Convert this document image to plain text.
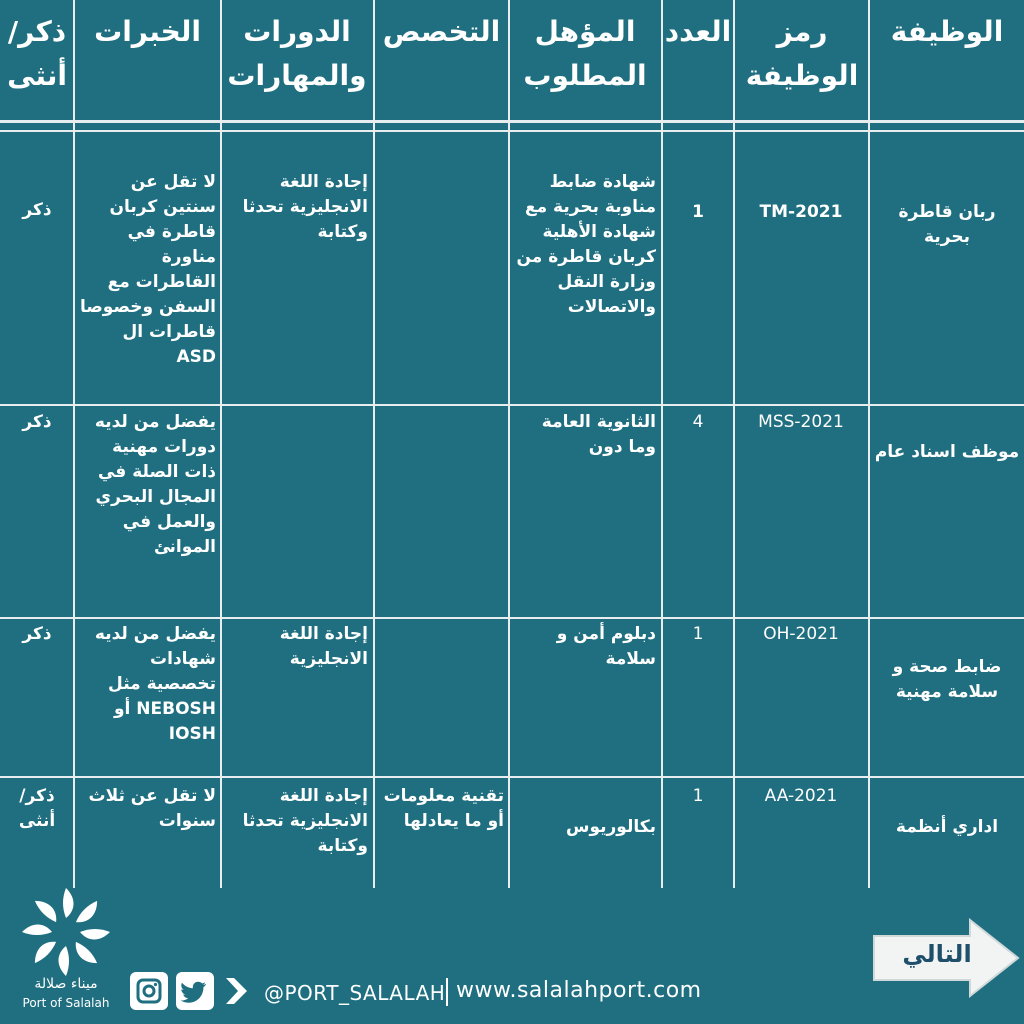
الوظيفة
رمز الوظيفة
العدد
المؤهل المطلوب
التخصص
الدورات والمهارات
الخبرات
ذكر/ أنثى
ربان قاطرة بحرية
TM-2021
1
شهادة ضابط مناوبة بحرية مع شهادة الأهلية كربان قاطرة من وزارة النقل والاتصالات
إجادة اللغة الانجليزية تحدثا وكتابة
لا تقل عن سنتين كربان قاطرة في مناورة القاطرات مع السفن وخصوصا قاطرات ال ASD
ذكر
موظف اسناد عام
MSS-2021
4
الثانوية العامة وما دون
يفضل من لديه دورات مهنية ذات الصلة في المجال البحري والعمل في الموانئ
ذكر
ضابط صحة و سلامة مهنية
OH-2021
1
دبلوم أمن و سلامة
إجادة اللغة الانجليزية
يفضل من لديه شهادات تخصصية مثل NEBOSH أو IOSH
ذكر
اداري أنظمة
AA-2021
1
بكالوريوس
تقنية معلومات أو ما يعادلها
إجادة اللغة الانجليزية تحدثا وكتابة
لا تقل عن ثلاث سنوات
ذكر/ أنثى
ميناء صلالة
Port of Salalah	@PORT_SALALAH www.salalahport.com
التالي
